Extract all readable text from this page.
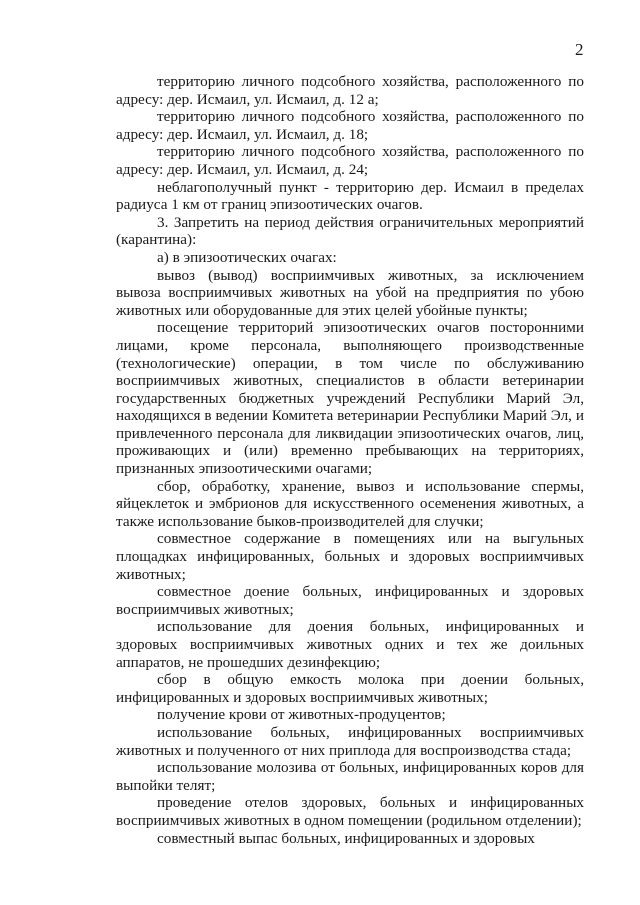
2

территорию личного подсобного хозяйства, расположенного по адресу: дер. Исмаил, ул. Исмаил, д. 12 а;

территорию личного подсобного хозяйства, расположенного по адресу: дер. Исмаил, ул. Исмаил, д. 18;

территорию личного подсобного хозяйства, расположенного по адресу: дер. Исмаил, ул. Исмаил, д. 24;

неблагополучный пункт - территорию дер. Исмаил в пределах радиуса 1 км от границ эпизоотических очагов.

3. Запретить на период действия ограничительных мероприятий (карантина):

а) в эпизоотических очагах:

вывоз (вывод) восприимчивых животных, за исключением вывоза восприимчивых животных на убой на предприятия по убою животных или оборудованные для этих целей убойные пункты;

посещение территорий эпизоотических очагов посторонними лицами, кроме персонала, выполняющего производственные (технологические) операции, в том числе по обслуживанию восприимчивых животных, специалистов в области ветеринарии государственных бюджетных учреждений Республики Марий Эл, находящихся в ведении Комитета ветеринарии Республики Марий Эл, и привлеченного персонала для ликвидации эпизоотических очагов, лиц, проживающих и (или) временно пребывающих на территориях, признанных эпизоотическими очагами;

сбор, обработку, хранение, вывоз и использование спермы, яйцеклеток и эмбрионов для искусственного осеменения животных, а также использование быков-производителей для случки;

совместное содержание в помещениях или на выгульных площадках инфицированных, больных и здоровых восприимчивых животных;

совместное доение больных, инфицированных и здоровых восприимчивых животных;

использование для доения больных, инфицированных и здоровых восприимчивых животных одних и тех же доильных аппаратов, не прошедших дезинфекцию;

сбор в общую емкость молока при доении больных, инфицированных и здоровых восприимчивых животных;

получение крови от животных-продуцентов;

использование больных, инфицированных восприимчивых животных и полученного от них приплода для воспроизводства стада;

использование молозива от больных, инфицированных коров для выпойки телят;

проведение отелов здоровых, больных и инфицированных восприимчивых животных в одном помещении (родильном отделении);

совместный выпас больных, инфицированных и здоровых
